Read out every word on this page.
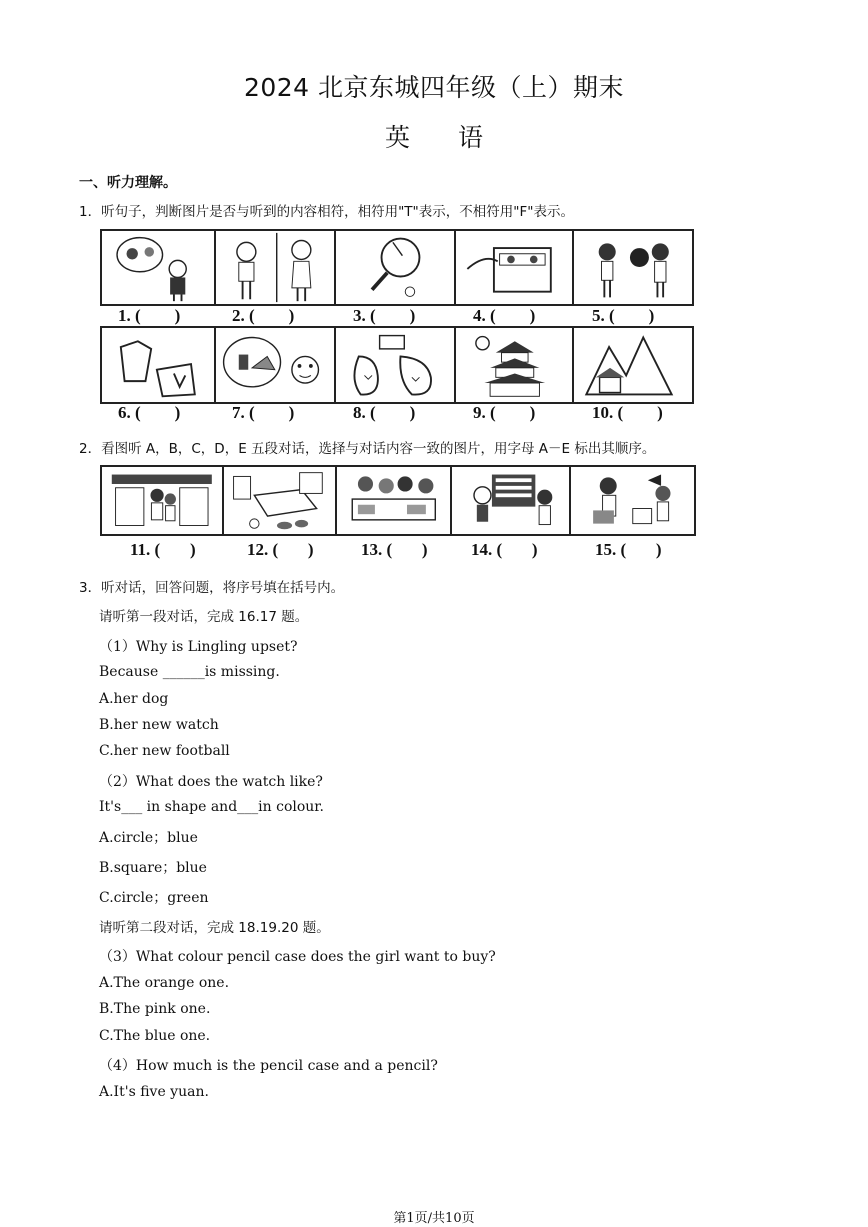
2024 北京东城四年级（上）期末
英语
一、听力理解。
1．听句子，判断图片是否与听到的内容相符，相符用"T"表示，不相符用"F"表示。
1. (        )	2. (        )	3. (        )	4. (        )	5. (        )
6. (        )	7. (        )	8. (        )	9. (        )	10. (        )
2．看图听 A，B，C，D，E 五段对话，选择与对话内容一致的图片，用字母 A－E 标出其顺序。
11. (       )	12. (       )	13. (       )	14. (       )	15. (       )
3．听对话，回答问题，将序号填在括号内。
请听第一段对话，完成 16.17 题。
（1）Why is Lingling upset?
Because ______is missing.
A.her dog
B.her new watch
C.her new football
（2）What does the watch like?
It's___ in shape and___in colour.
A.circle；blue
B.square；blue
C.circle；green
请听第二段对话，完成 18.19.20 题。
（3）What colour pencil case does the girl want to buy?
A.The orange one.
B.The pink one.
C.The blue one.
（4）How much is the pencil case and a pencil?
A.It's five yuan.
第1页/共10页
